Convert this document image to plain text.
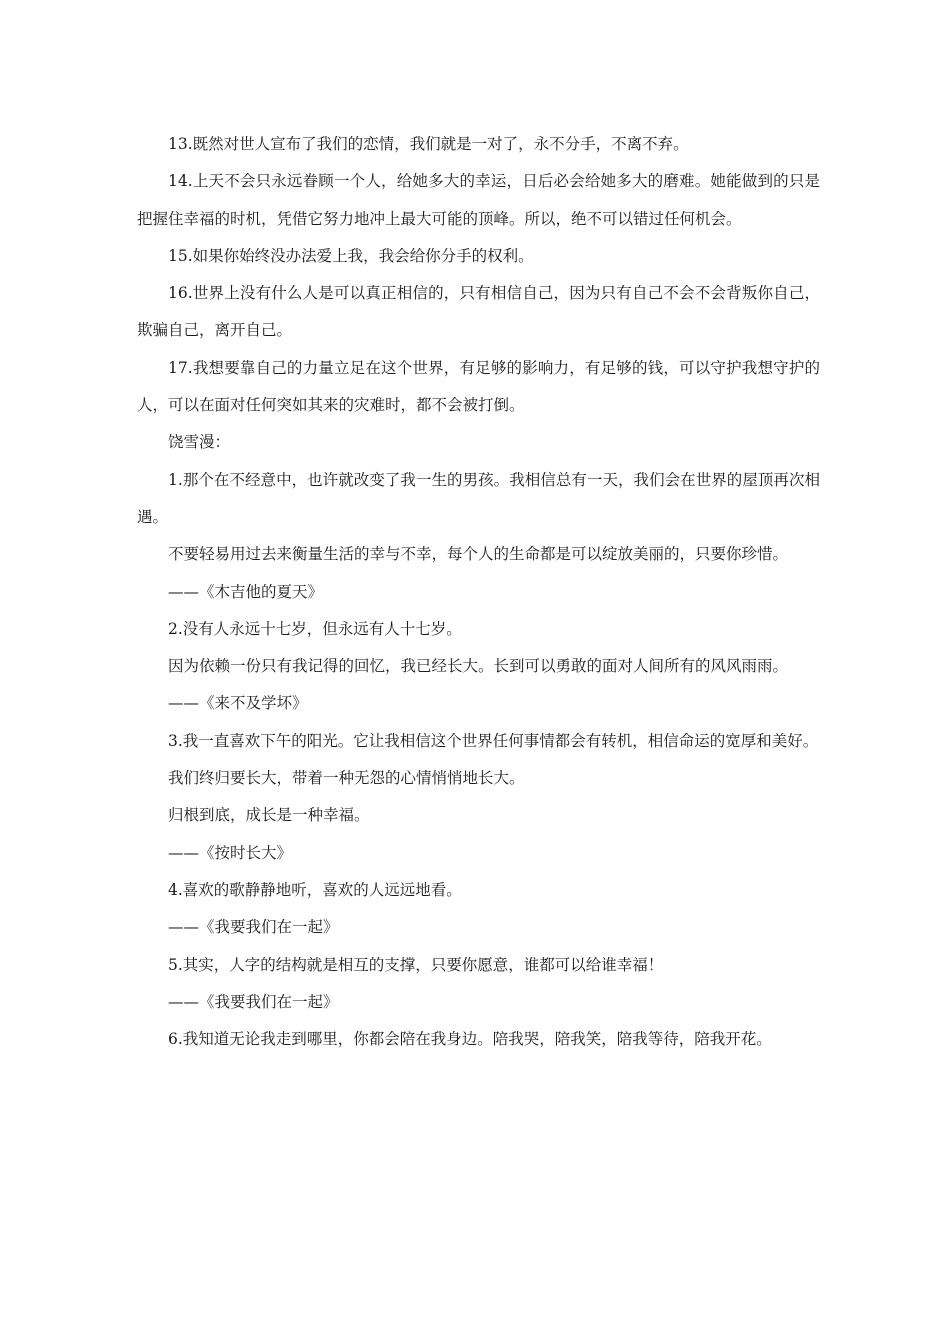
13.既然对世人宣布了我们的恋情，我们就是一对了，永不分手，不离不弃。

14.上天不会只永远眷顾一个人，给她多大的幸运，日后必会给她多大的磨难。她能做到的只是把握住幸福的时机，凭借它努力地冲上最大可能的顶峰。所以，绝不可以错过任何机会。

15.如果你始终没办法爱上我，我会给你分手的权利。

16.世界上没有什么人是可以真正相信的，只有相信自己，因为只有自己不会不会背叛你自己，欺骗自己，离开自己。

17.我想要靠自己的力量立足在这个世界，有足够的影响力，有足够的钱，可以守护我想守护的人，可以在面对任何突如其来的灾难时，都不会被打倒。

饶雪漫：

1.那个在不经意中，也许就改变了我一生的男孩。我相信总有一天，我们会在世界的屋顶再次相遇。

不要轻易用过去来衡量生活的幸与不幸，每个人的生命都是可以绽放美丽的，只要你珍惜。

——《木吉他的夏天》

2.没有人永远十七岁，但永远有人十七岁。

因为依赖一份只有我记得的回忆，我已经长大。长到可以勇敢的面对人间所有的风风雨雨。

——《来不及学坏》

3.我一直喜欢下午的阳光。它让我相信这个世界任何事情都会有转机，相信命运的宽厚和美好。

我们终归要长大，带着一种无怨的心情悄悄地长大。

归根到底，成长是一种幸福。

——《按时长大》

4.喜欢的歌静静地听，喜欢的人远远地看。

——《我要我们在一起》

5.其实，人字的结构就是相互的支撑，只要你愿意，谁都可以给谁幸福！

——《我要我们在一起》

6.我知道无论我走到哪里，你都会陪在我身边。陪我哭，陪我笑，陪我等待，陪我开花。
